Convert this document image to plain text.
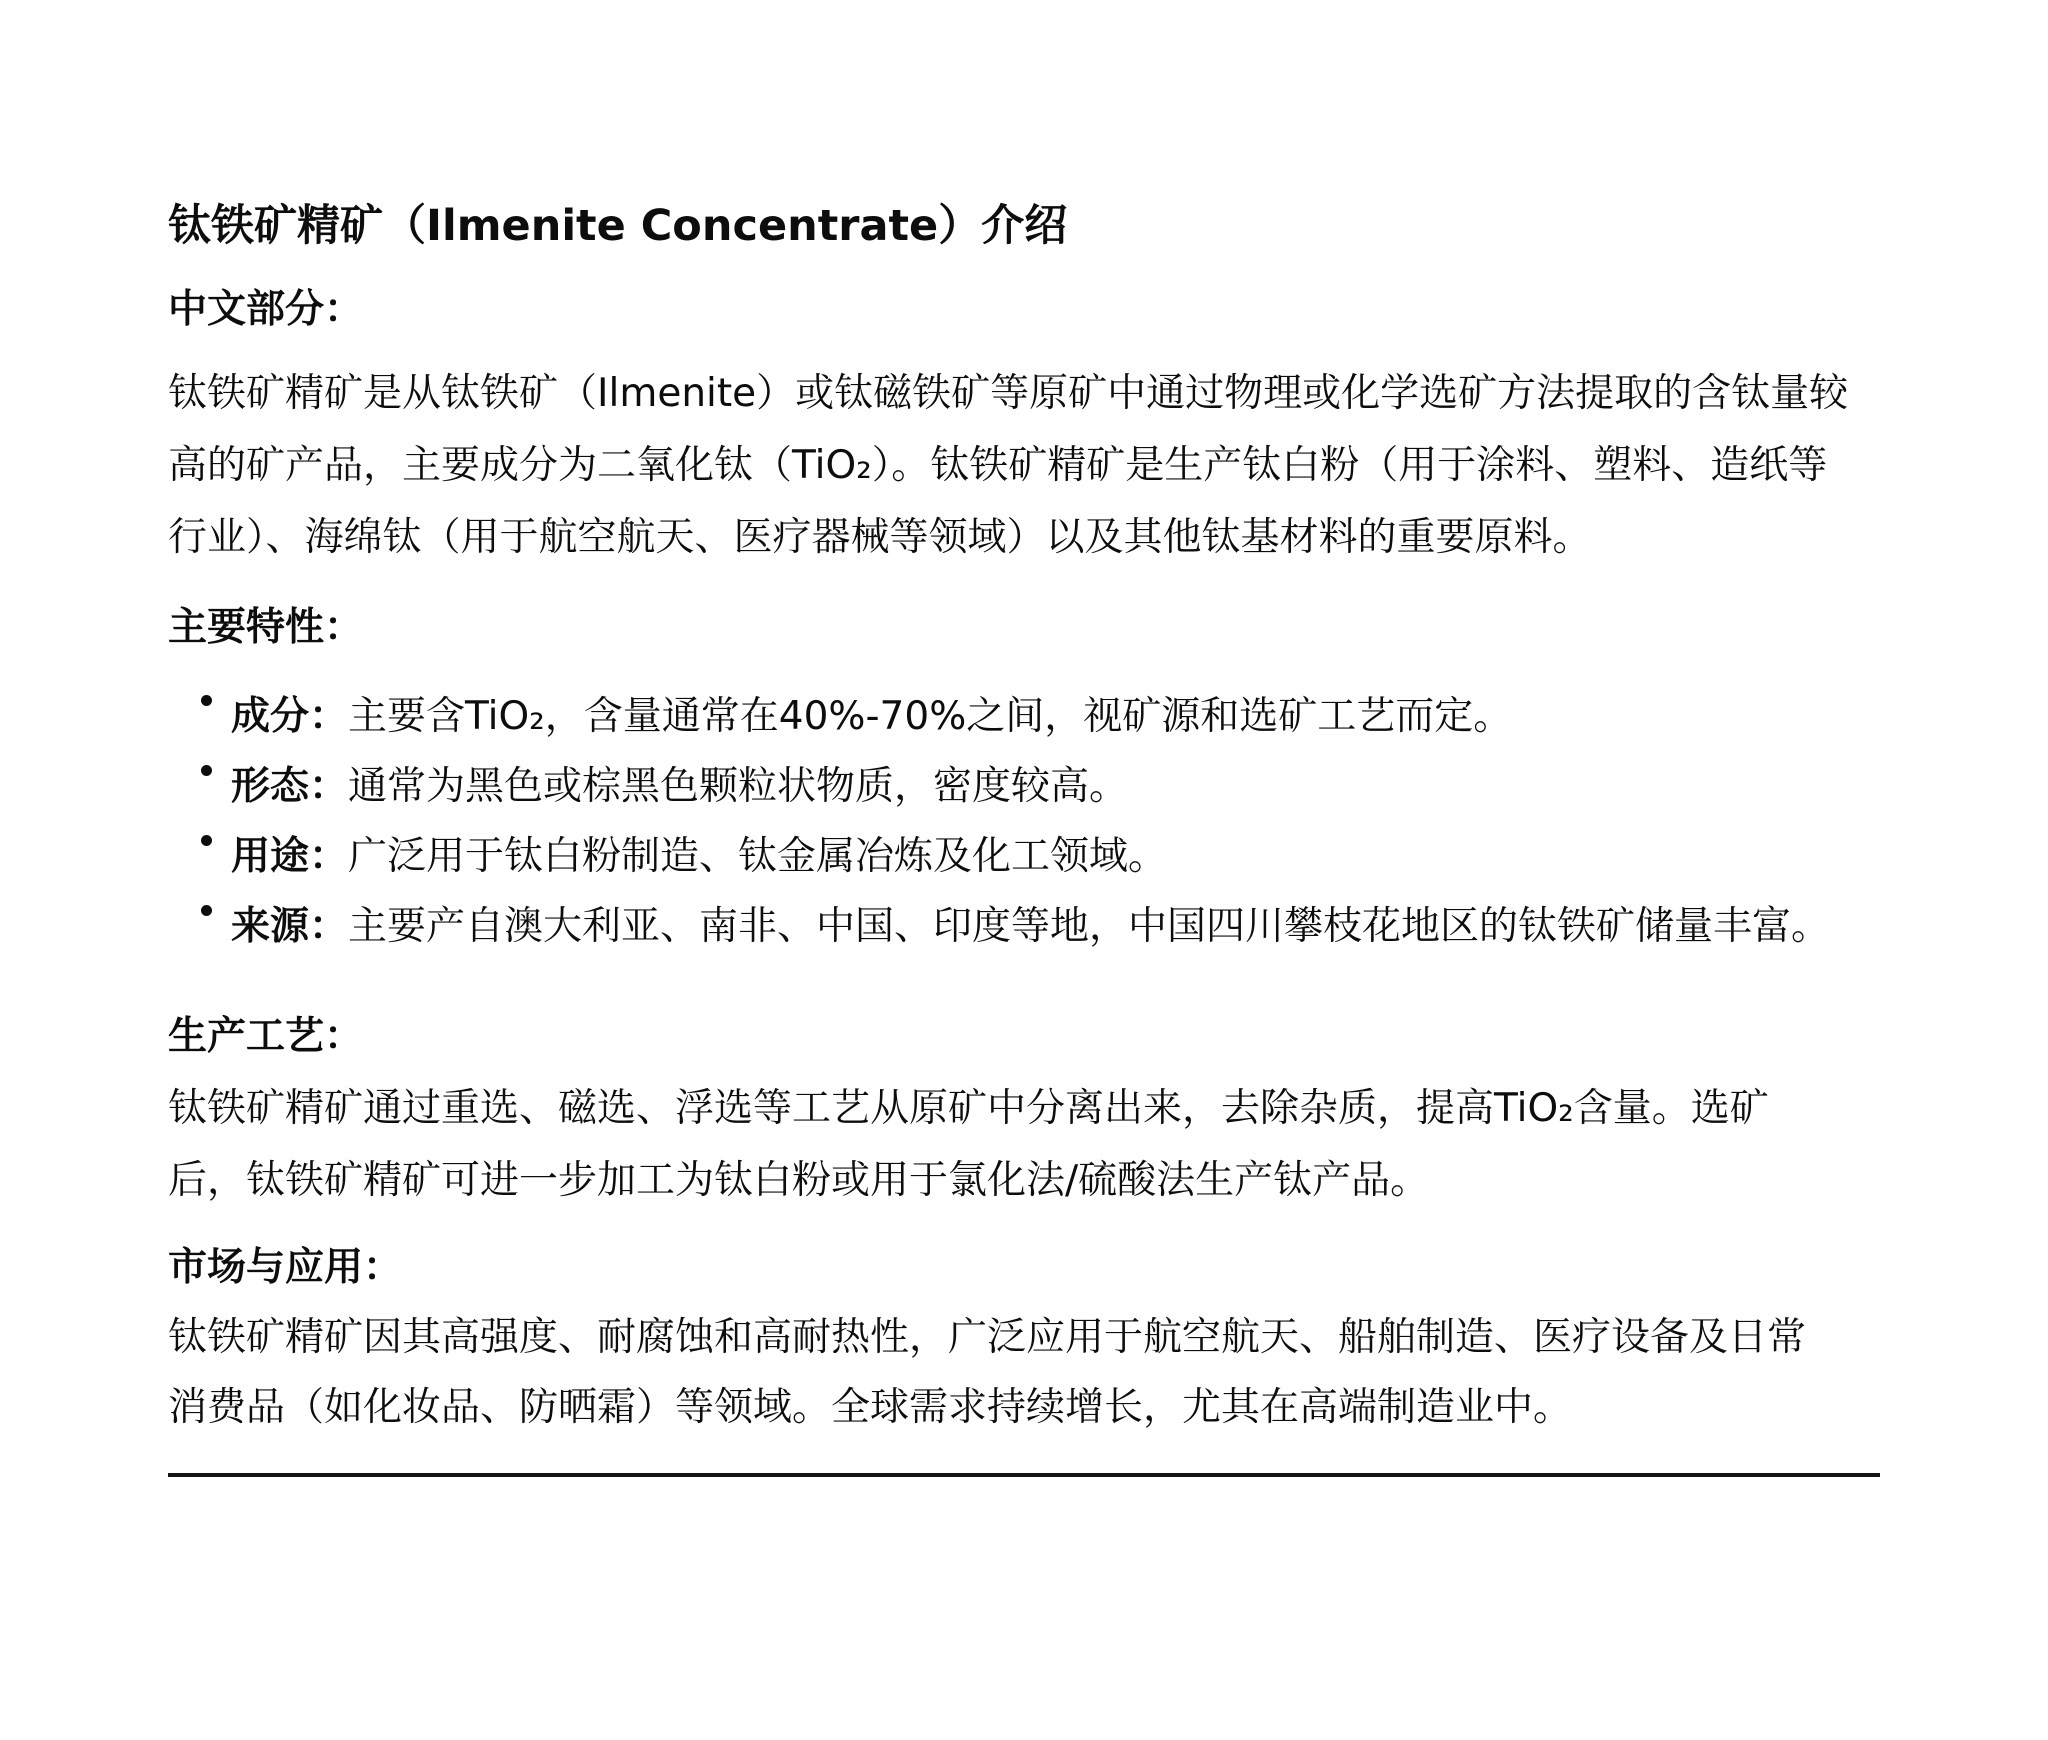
钛铁矿精矿（Ilmenite Concentrate）介绍
中文部分：
钛铁矿精矿是从钛铁矿（Ilmenite）或钛磁铁矿等原矿中通过物理或化学选矿方法提取的含钛量较
高的矿产品，主要成分为二氧化钛（TiO₂）。钛铁矿精矿是生产钛白粉（用于涂料、塑料、造纸等
行业）、海绵钛（用于航空航天、医疗器械等领域）以及其他钛基材料的重要原料。
主要特性：
成分：主要含TiO₂，含量通常在40%-70%之间，视矿源和选矿工艺而定。
形态：通常为黑色或棕黑色颗粒状物质，密度较高。
用途：广泛用于钛白粉制造、钛金属冶炼及化工领域。
来源：主要产自澳大利亚、南非、中国、印度等地，中国四川攀枝花地区的钛铁矿储量丰富。
生产工艺：
钛铁矿精矿通过重选、磁选、浮选等工艺从原矿中分离出来，去除杂质，提高TiO₂含量。选矿
后，钛铁矿精矿可进一步加工为钛白粉或用于氯化法/硫酸法生产钛产品。
市场与应用：
钛铁矿精矿因其高强度、耐腐蚀和高耐热性，广泛应用于航空航天、船舶制造、医疗设备及日常
消费品（如化妆品、防晒霜）等领域。全球需求持续增长，尤其在高端制造业中。
